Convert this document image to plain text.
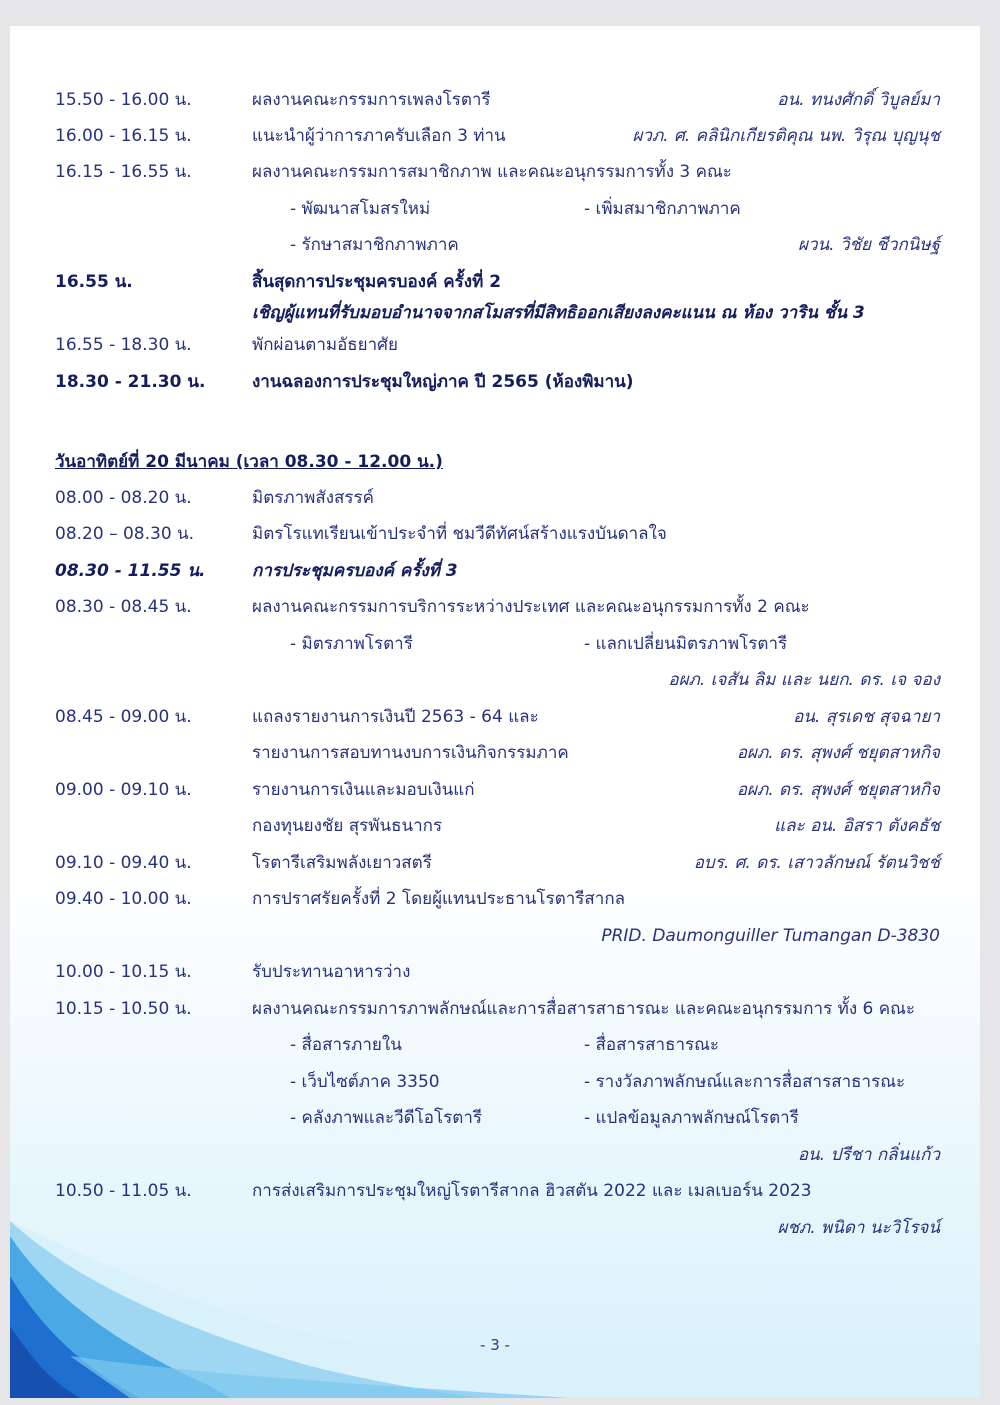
15.50 - 16.00 น.	ผลงานคณะกรรมการเพลงโรตารี	อน. ทนงศักดิ์ วิบูลย์มา
16.00 - 16.15 น.	แนะนำผู้ว่าการภาครับเลือก 3 ท่าน	ผวภ. ศ. คลินิกเกียรติคุณ นพ. วิรุณ บุญนุช
16.15 - 16.55 น.	ผลงานคณะกรรมการสมาชิกภาพ และคณะอนุกรรมการทั้ง 3 คณะ
- พัฒนาสโมสรใหม่	- เพิ่มสมาชิกภาพภาค
- รักษาสมาชิกภาพภาค	ผวน. วิชัย ชีวกนิษฐ์
16.55 น.	สิ้นสุดการประชุมครบองค์ ครั้งที่ 2
เชิญผู้แทนที่รับมอบอำนาจจากสโมสรที่มีสิทธิออกเสียงลงคะแนน ณ ห้อง วาริน ชั้น 3
16.55 - 18.30 น.	พักผ่อนตามอัธยาศัย
18.30 - 21.30 น.	งานฉลองการประชุมใหญ่ภาค ปี 2565 (ห้องพิมาน)
วันอาทิตย์ที่ 20 มีนาคม (เวลา 08.30 - 12.00 น.)
08.00 - 08.20 น.	มิตรภาพสังสรรค์
08.20 – 08.30 น.	มิตรโรแทเรียนเข้าประจำที่ ชมวีดีทัศน์สร้างแรงบันดาลใจ
08.30 - 11.55 น.	การประชุมครบองค์ ครั้งที่ 3
08.30 - 08.45 น.	ผลงานคณะกรรมการบริการระหว่างประเทศ และคณะอนุกรรมการทั้ง 2 คณะ
- มิตรภาพโรตารี	- แลกเปลี่ยนมิตรภาพโรตารี
อผภ. เจสัน ลิม และ นยก. ดร. เจ จอง
08.45 - 09.00 น.	แถลงรายงานการเงินปี 2563 - 64 และ	อน. สุรเดช สุจฉายา
รายงานการสอบทานงบการเงินกิจกรรมภาค	อผภ. ดร. สุพงศ์ ชยุตสาหกิจ
09.00 - 09.10 น.	รายงานการเงินและมอบเงินแก่	อผภ. ดร. สุพงศ์ ชยุตสาหกิจ
กองทุนยงชัย สุรพันธนากร	และ อน. อิสรา ตังคธัช
09.10 - 09.40 น.	โรตารีเสริมพลังเยาวสตรี	อบร. ศ. ดร. เสาวลักษณ์ รัตนวิชช์
09.40 - 10.00 น.	การปราศรัยครั้งที่ 2 โดยผู้แทนประธานโรตารีสากล
PRID. Daumonguiller Tumangan D-3830
10.00 - 10.15 น.	รับประทานอาหารว่าง
10.15 - 10.50 น.	ผลงานคณะกรรมการภาพลักษณ์และการสื่อสารสาธารณะ และคณะอนุกรรมการ ทั้ง 6 คณะ
- สื่อสารภายใน	- สื่อสารสาธารณะ
- เว็บไซต์ภาค 3350	- รางวัลภาพลักษณ์และการสื่อสารสาธารณะ
- คลังภาพและวีดีโอโรตารี	- แปลข้อมูลภาพลักษณ์โรตารี
อน. ปรีชา กลิ่นแก้ว
10.50 - 11.05 น.	การส่งเสริมการประชุมใหญ่โรตารีสากล ฮิวสตัน 2022 และ เมลเบอร์น 2023
ผชภ. พนิดา นะวิโรจน์
- 3 -
